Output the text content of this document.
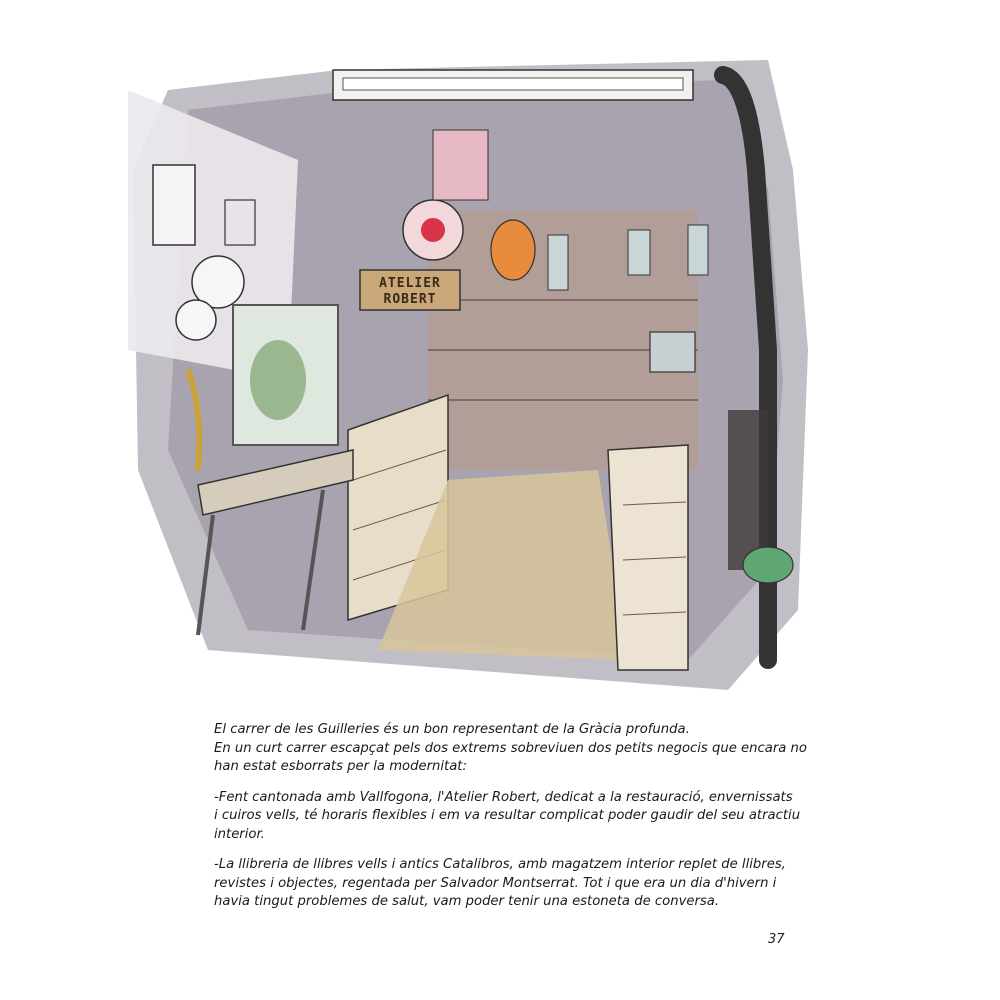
ATELIER
ROBERT

El carrer de les Guilleries és un bon representant de la Gràcia profunda.
En un curt carrer escapçat pels dos extrems sobreviuen dos petits negocis que encara no
han estat esborrats per la modernitat:

-Fent cantonada amb Vallfogona, l'Atelier Robert, dedicat a la restauració, envernissats
i cuiros vells, té horaris flexibles i em va resultar complicat poder gaudir del seu atractiu
interior.

-La llibreria de llibres vells i antics Catalibros, amb magatzem interior replet de llibres,
revistes i objectes, regentada per Salvador Montserrat. Tot i que era un dia d'hivern i
havia tingut problemes de salut, vam poder tenir una estoneta de conversa.

37
